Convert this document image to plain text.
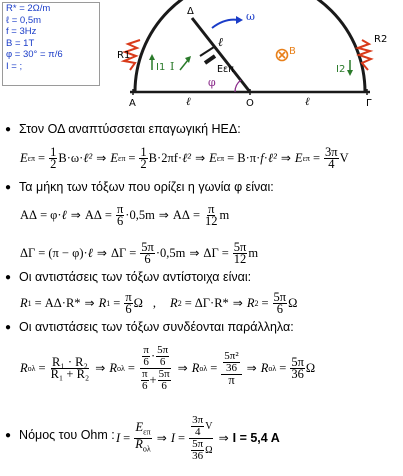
R* = 2Ω/m
ℓ = 0,5m
f = 3Hz
B = 1T
φ = 30° = π/6
I = ;
Α
Δ
Ο	Γ
ω
ℓ
ℓ	ℓ
B
I	Eεπ
φ
R1
R2
I1	I2
● Στον ΟΔ αναπτύσσεται επαγωγική ΗΕΔ:
E $\varepsilon\pi = \frac{1}{2}$ B · ω · ℓ² ⇒ E $\varepsilon\pi = \frac{1}{2}$ B · 2πf · ℓ² ⇒ E επ = B · π · f · ℓ² ⇒ E $\varepsilon\pi = \frac{3\pi}{4}$ V
● Τα μήκη των τόξων που ορίζει η γωνία φ είναι:
ΑΔ = φ · ℓ ⇒ $A\Delta = \frac{\pi}{6} \cdot 0,5m$ ⇒ $A\Delta = \frac{\pi}{12}$ m
ΔΓ = (π − φ) · ℓ ⇒ $\Delta\Gamma = \frac{5\pi}{6} \cdot 0,5m$ ⇒ $\Delta\Gamma = \frac{5\pi}{12}$ m
● Οι αντιστάσεις των τόξων αντίστοιχα είναι:
R 1 = ΑΔ · R* ⇒ R $1 = \frac{\pi}{6}$ Ω , R 2 = ΔΓ · R* ⇒ R $2 = \frac{5\pi}{6}$ Ω
● Οι αντιστάσεις των τόξων συνδέονται παράλληλα:
R $o\lambda = \frac{\text{R₁ · R₂}}{\text{R₁ + R₂}}$ ⇒ R $o\lambda = \frac{\frac{\pi}{6} \cdot \frac{5\pi}{6}}{\frac{\pi}{6} + \frac{5\pi}{6}}$ ⇒ R $o\lambda = \frac{\frac{\text{5π²}}{36}}{\pi}$ ⇒ R $o\lambda = \frac{5\pi}{36}$ Ω
● Νόμος του Ohm : $I = \frac{E_{\varepsilon\pi}}{R_{o\lambda}}$ ⇒ $I = \frac{\frac{3\pi}{4} V}{\frac{5\pi}{36} \Omega}$ ⇒ I = 5,4 A
